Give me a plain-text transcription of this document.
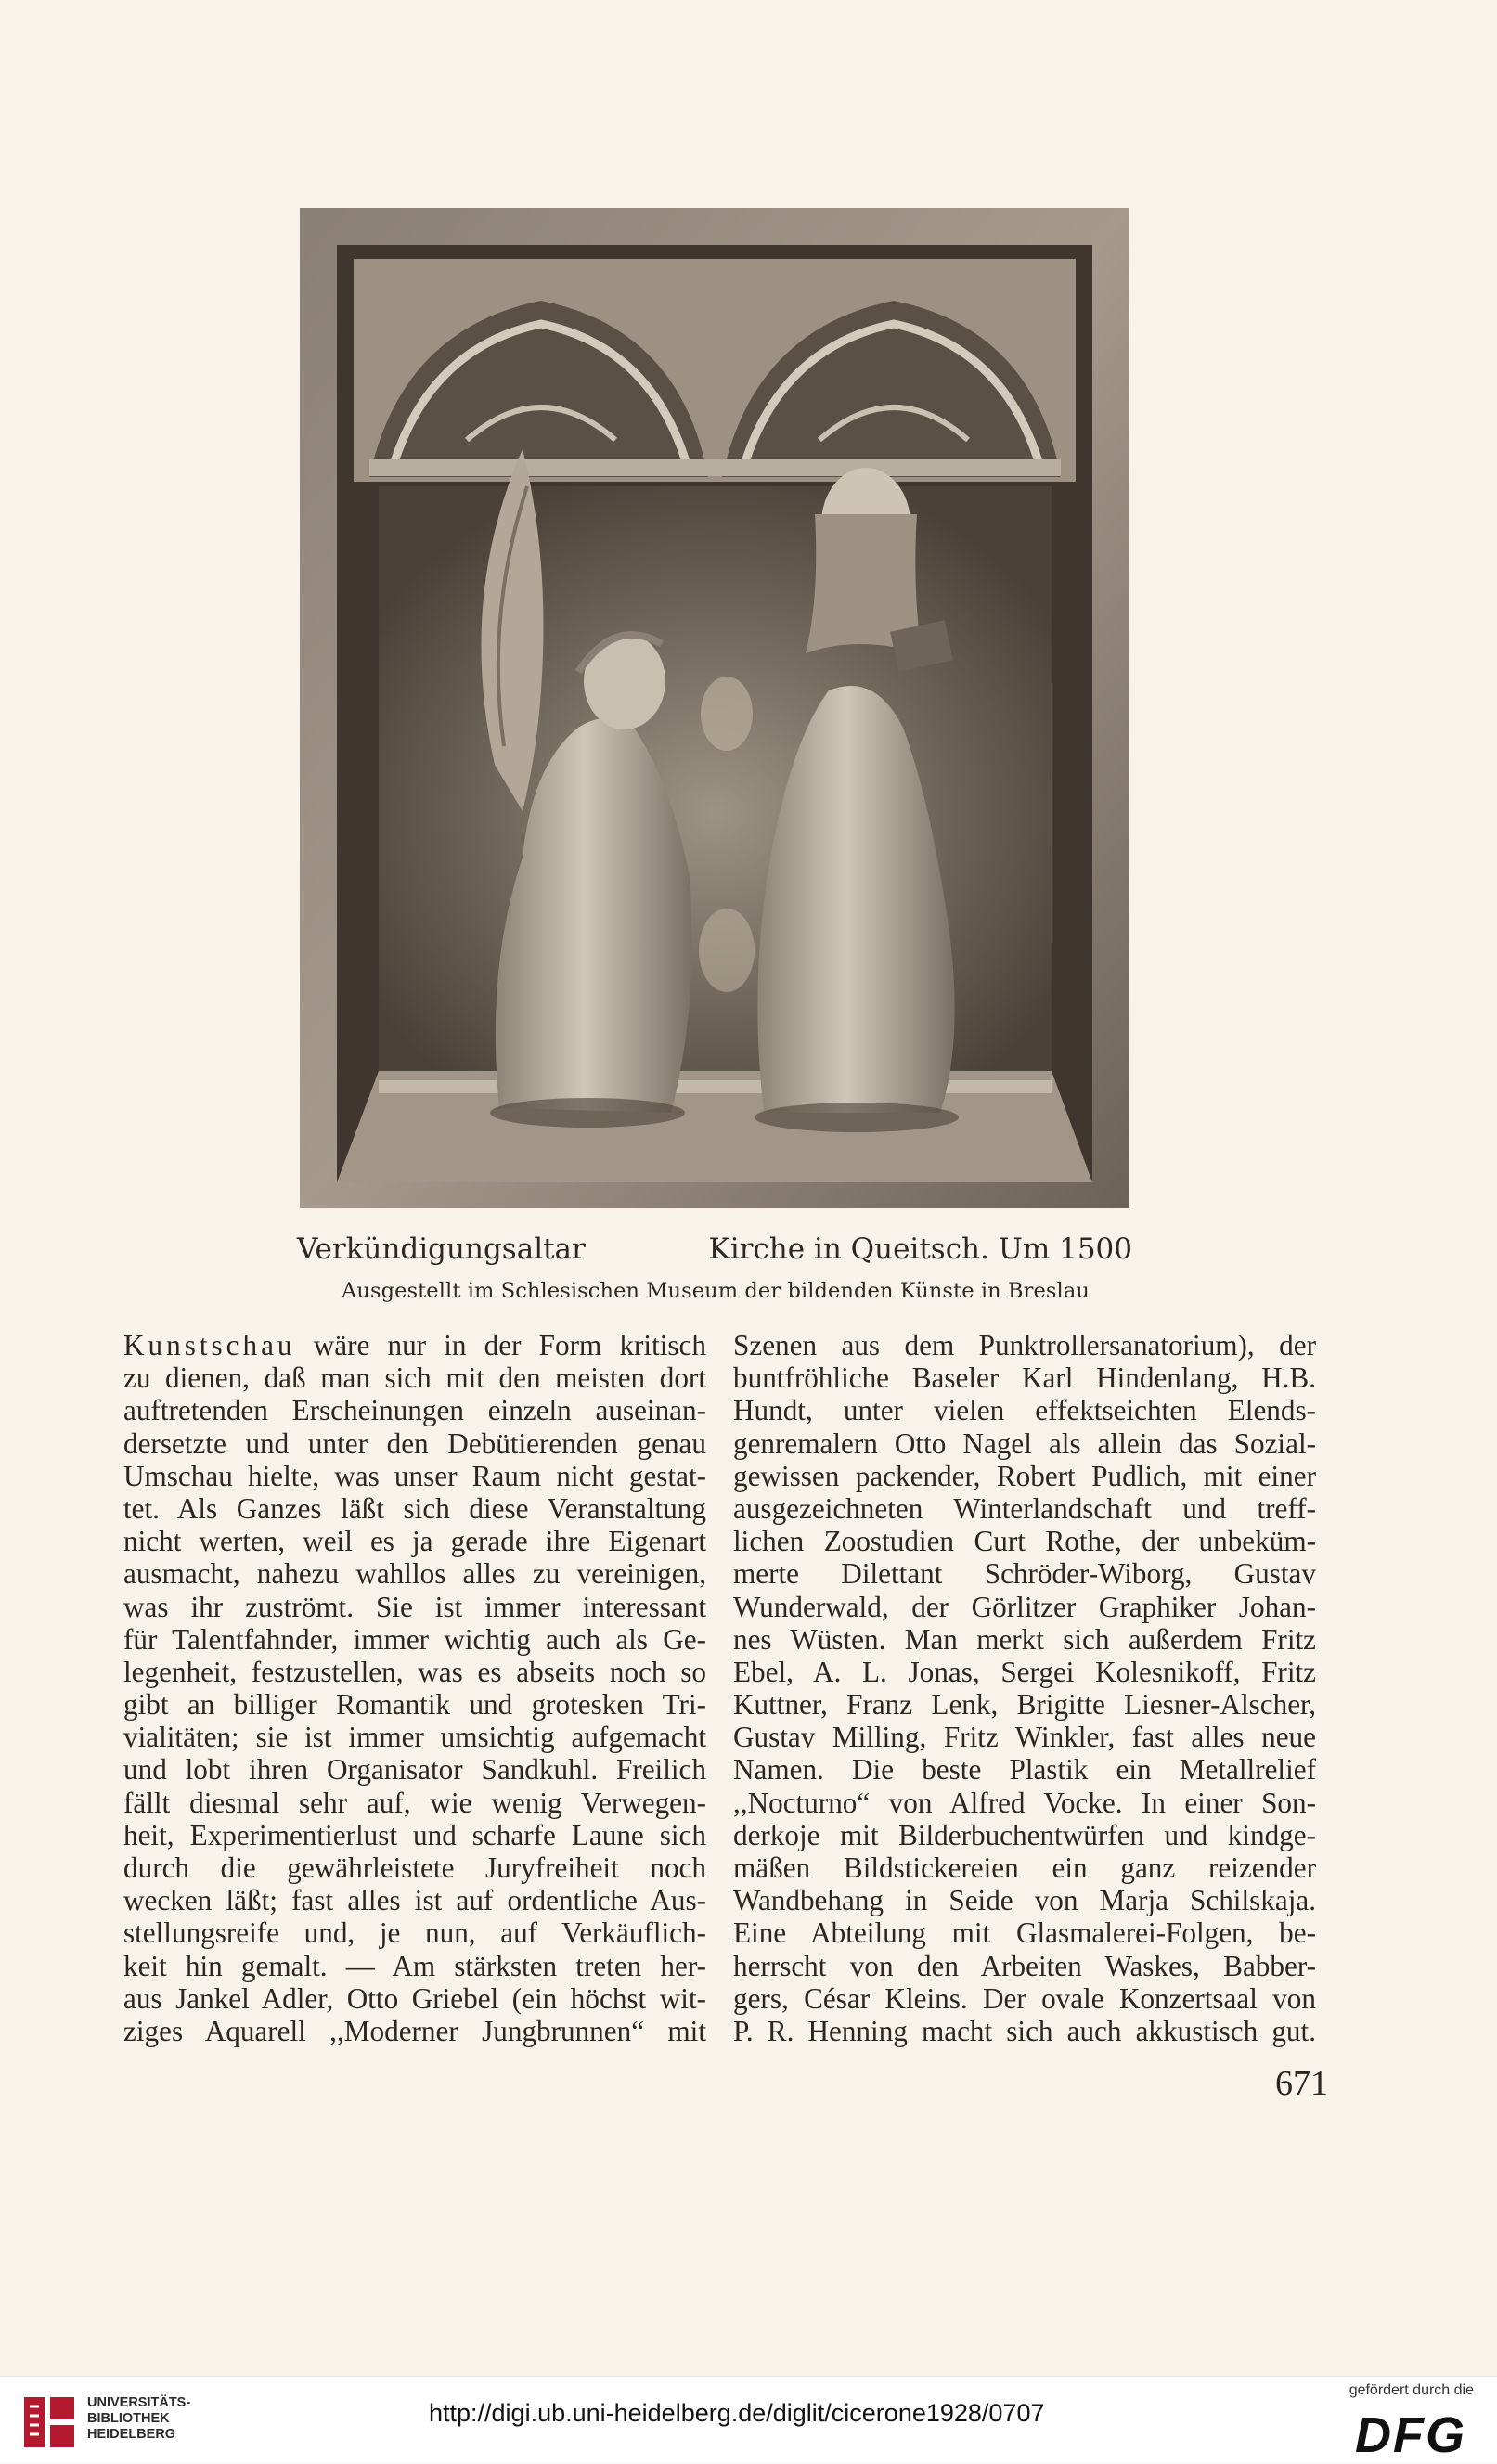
Verkündigungsaltar	Kirche in Queitsch. Um 1500
Ausgestellt im Schlesischen Museum der bildenden Künste in Breslau
Kunstschau wäre nur in der Form kritisch
zu dienen, daß man sich mit den meisten dort
auftretenden Erscheinungen einzeln auseinan-
dersetzte und unter den Debütierenden genau
Umschau hielte, was unser Raum nicht gestat-
tet. Als Ganzes läßt sich diese Veranstaltung
nicht werten, weil es ja gerade ihre Eigenart
ausmacht, nahezu wahllos alles zu vereinigen,
was ihr zuströmt. Sie ist immer interessant
für Talentfahnder, immer wichtig auch als Ge-
legenheit, festzustellen, was es abseits noch so
gibt an billiger Romantik und grotesken Tri-
vialitäten; sie ist immer umsichtig aufgemacht
und lobt ihren Organisator Sandkuhl. Freilich
fällt diesmal sehr auf, wie wenig Verwegen-
heit, Experimentierlust und scharfe Laune sich
durch die gewährleistete Juryfreiheit noch
wecken läßt; fast alles ist auf ordentliche Aus-
stellungsreife und, je nun, auf Verkäuflich-
keit hin gemalt. — Am stärksten treten her-
aus Jankel Adler, Otto Griebel (ein höchst wit-
ziges Aquarell ,,Moderner Jungbrunnen“ mit
Szenen aus dem Punktrollersanatorium), der
buntfröhliche Baseler Karl Hindenlang, H.B.
Hundt, unter vielen effektseichten Elends-
genremalern Otto Nagel als allein das Sozial-
gewissen packender, Robert Pudlich, mit einer
ausgezeichneten Winterlandschaft und treff-
lichen Zoostudien Curt Rothe, der unbeküm-
merte Dilettant Schröder-Wiborg, Gustav
Wunderwald, der Görlitzer Graphiker Johan-
nes Wüsten. Man merkt sich außerdem Fritz
Ebel, A. L. Jonas, Sergei Kolesnikoff, Fritz
Kuttner, Franz Lenk, Brigitte Liesner-Alscher,
Gustav Milling, Fritz Winkler, fast alles neue
Namen. Die beste Plastik ein Metallrelief
,,Nocturno“ von Alfred Vocke. In einer Son-
derkoje mit Bilderbuchentwürfen und kindge-
mäßen Bildstickereien ein ganz reizender
Wandbehang in Seide von Marja Schilskaja.
Eine Abteilung mit Glasmalerei-Folgen, be-
herrscht von den Arbeiten Waskes, Babber-
gers, César Kleins. Der ovale Konzertsaal von
P. R. Henning macht sich auch akkustisch gut.
671
UNIVERSITÄTS-
BIBLIOTHEK
HEIDELBERG
http://digi.ub.uni-heidelberg.de/diglit/cicerone1928/0707
gefördert durch die
DFG
